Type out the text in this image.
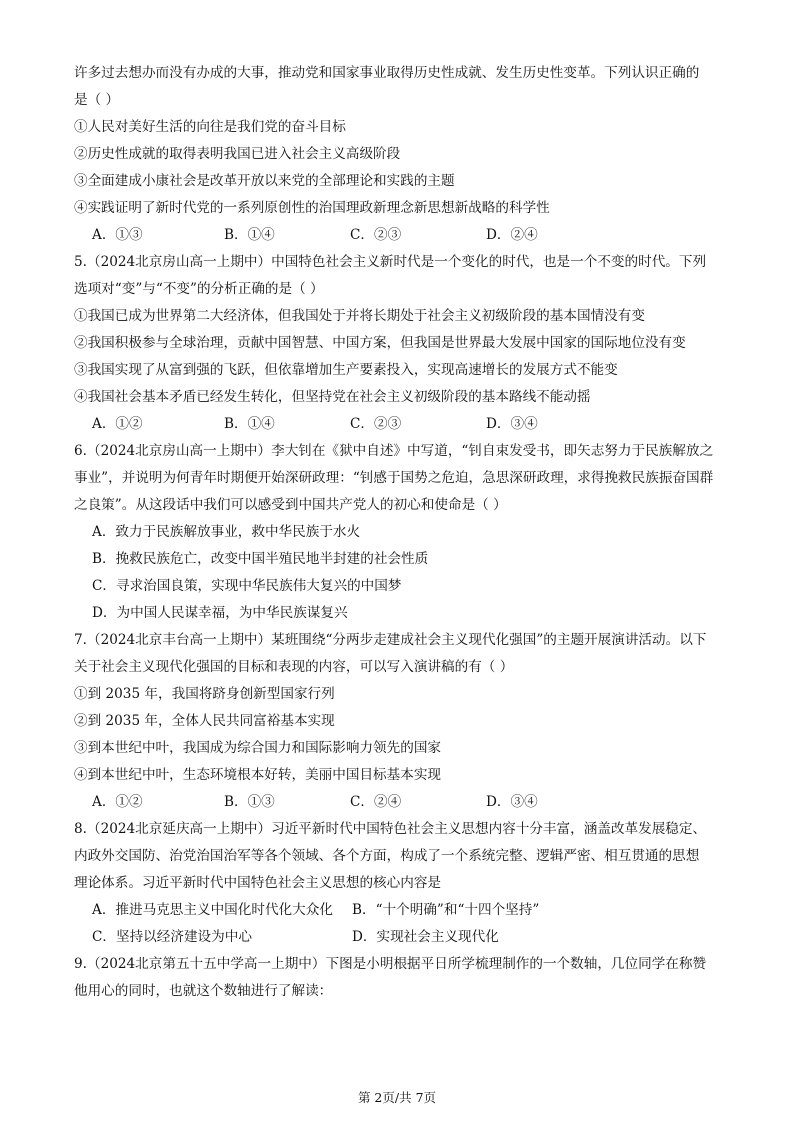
许多过去想办而没有办成的大事，推动党和国家事业取得历史性成就、发生历史性变革。下列认识正确的
是（ ）
①人民对美好生活的向往是我们党的奋斗目标
②历史性成就的取得表明我国已进入社会主义高级阶段
③全面建成小康社会是改革开放以来党的全部理论和实践的主题
④实践证明了新时代党的一系列原创性的治国理政新理念新思想新战略的科学性
A．①③	B．①④	C．②③	D．②④
5.（2024北京房山高一上期中）中国特色社会主义新时代是一个变化的时代，也是一个不变的时代。下列
选项对“变”与“不变”的分析正确的是（ ）
①我国已成为世界第二大经济体，但我国处于并将长期处于社会主义初级阶段的基本国情没有变
②我国积极参与全球治理，贡献中国智慧、中国方案，但我国是世界最大发展中国家的国际地位没有变
③我国实现了从富到强的飞跃，但依靠增加生产要素投入，实现高速增长的发展方式不能变
④我国社会基本矛盾已经发生转化，但坚持党在社会主义初级阶段的基本路线不能动摇
A．①②	B．①④	C．②③	D．③④
6.（2024北京房山高一上期中）李大钊在《狱中自述》中写道，“钊自束发受书，即矢志努力于民族解放之
事业”，并说明为何青年时期便开始深研政理：“钊感于国势之危迫，急思深研政理，求得挽救民族振奋国群
之良策”。从这段话中我们可以感受到中国共产党人的初心和使命是（ ）
A．致力于民族解放事业，救中华民族于水火
B．挽救民族危亡，改变中国半殖民地半封建的社会性质
C．寻求治国良策，实现中华民族伟大复兴的中国梦
D．为中国人民谋幸福，为中华民族谋复兴
7.（2024北京丰台高一上期中）某班围绕“分两步走建成社会主义现代化强国”的主题开展演讲活动。以下
关于社会主义现代化强国的目标和表现的内容，可以写入演讲稿的有（ ）
①到 2035 年，我国将跻身创新型国家行列
②到 2035 年，全体人民共同富裕基本实现
③到本世纪中叶，我国成为综合国力和国际影响力领先的国家
④到本世纪中叶，生态环境根本好转，美丽中国目标基本实现
A．①②	B．①③	C．②④	D．③④
8.（2024北京延庆高一上期中）习近平新时代中国特色社会主义思想内容十分丰富，涵盖改革发展稳定、
内政外交国防、治党治国治军等各个领域、各个方面，构成了一个系统完整、逻辑严密、相互贯通的思想
理论体系。习近平新时代中国特色社会主义思想的核心内容是
A．推进马克思主义中国化时代化大众化 B．“十个明确”和“十四个坚持”
C．坚持以经济建设为中心	D．实现社会主义现代化
9.（2024北京第五十五中学高一上期中）下图是小明根据平日所学梳理制作的一个数轴，几位同学在称赞
他用心的同时，也就这个数轴进行了解读：
第 2页/共 7页
